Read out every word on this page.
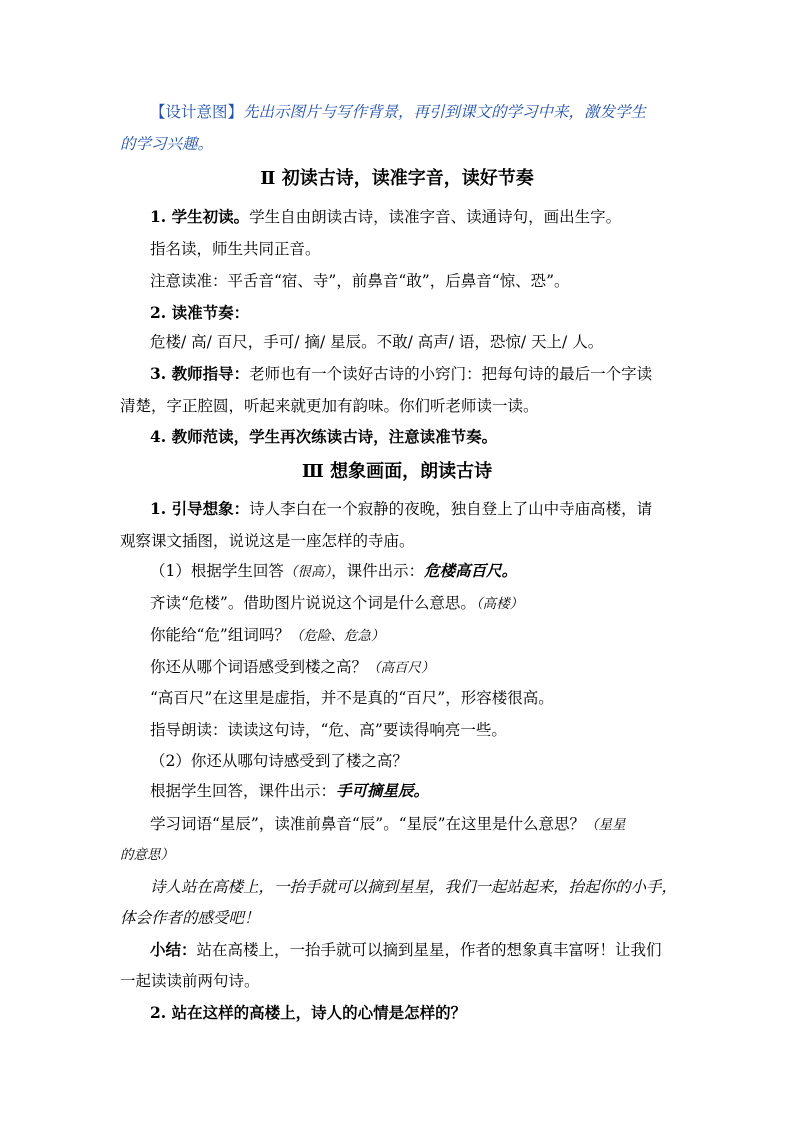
【设计意图】先出示图片与写作背景，再引到课文的学习中来，激发学生
的学习兴趣。
Ⅱ 初读古诗，读准字音，读好节奏
1. 学生初读。学生自由朗读古诗，读准字音、读通诗句，画出生字。
指名读，师生共同正音。
注意读准：平舌音“宿、寺”，前鼻音“敢”，后鼻音“惊、恐”。
2. 读准节奏：
危楼/ 高/ 百尺，手可/ 摘/ 星辰。不敢/ 高声/ 语，恐惊/ 天上/ 人。
3. 教师指导：老师也有一个读好古诗的小窍门：把每句诗的最后一个字读
清楚，字正腔圆，听起来就更加有韵味。你们听老师读一读。
4. 教师范读，学生再次练读古诗，注意读准节奏。
Ⅲ 想象画面，朗读古诗
1. 引导想象：诗人李白在一个寂静的夜晚，独自登上了山中寺庙高楼，请
观察课文插图，说说这是一座怎样的寺庙。
（1）根据学生回答（很高），课件出示：危楼高百尺。
齐读“危楼”。借助图片说说这个词是什么意思。（高楼）
你能给“危”组词吗？（危险、危急）
你还从哪个词语感受到楼之高？（高百尺）
“高百尺”在这里是虚指，并不是真的“百尺”，形容楼很高。
指导朗读：读读这句诗，“危、高”要读得响亮一些。
（2）你还从哪句诗感受到了楼之高？
根据学生回答，课件出示：手可摘星辰。
学习词语“星辰”，读准前鼻音“辰”。“星辰”在这里是什么意思？（星星
的意思）
诗人站在高楼上，一抬手就可以摘到星星，我们一起站起来，抬起你的小手，
体会作者的感受吧！
小结：站在高楼上，一抬手就可以摘到星星，作者的想象真丰富呀！让我们
一起读读前两句诗。
2. 站在这样的高楼上，诗人的心情是怎样的？
